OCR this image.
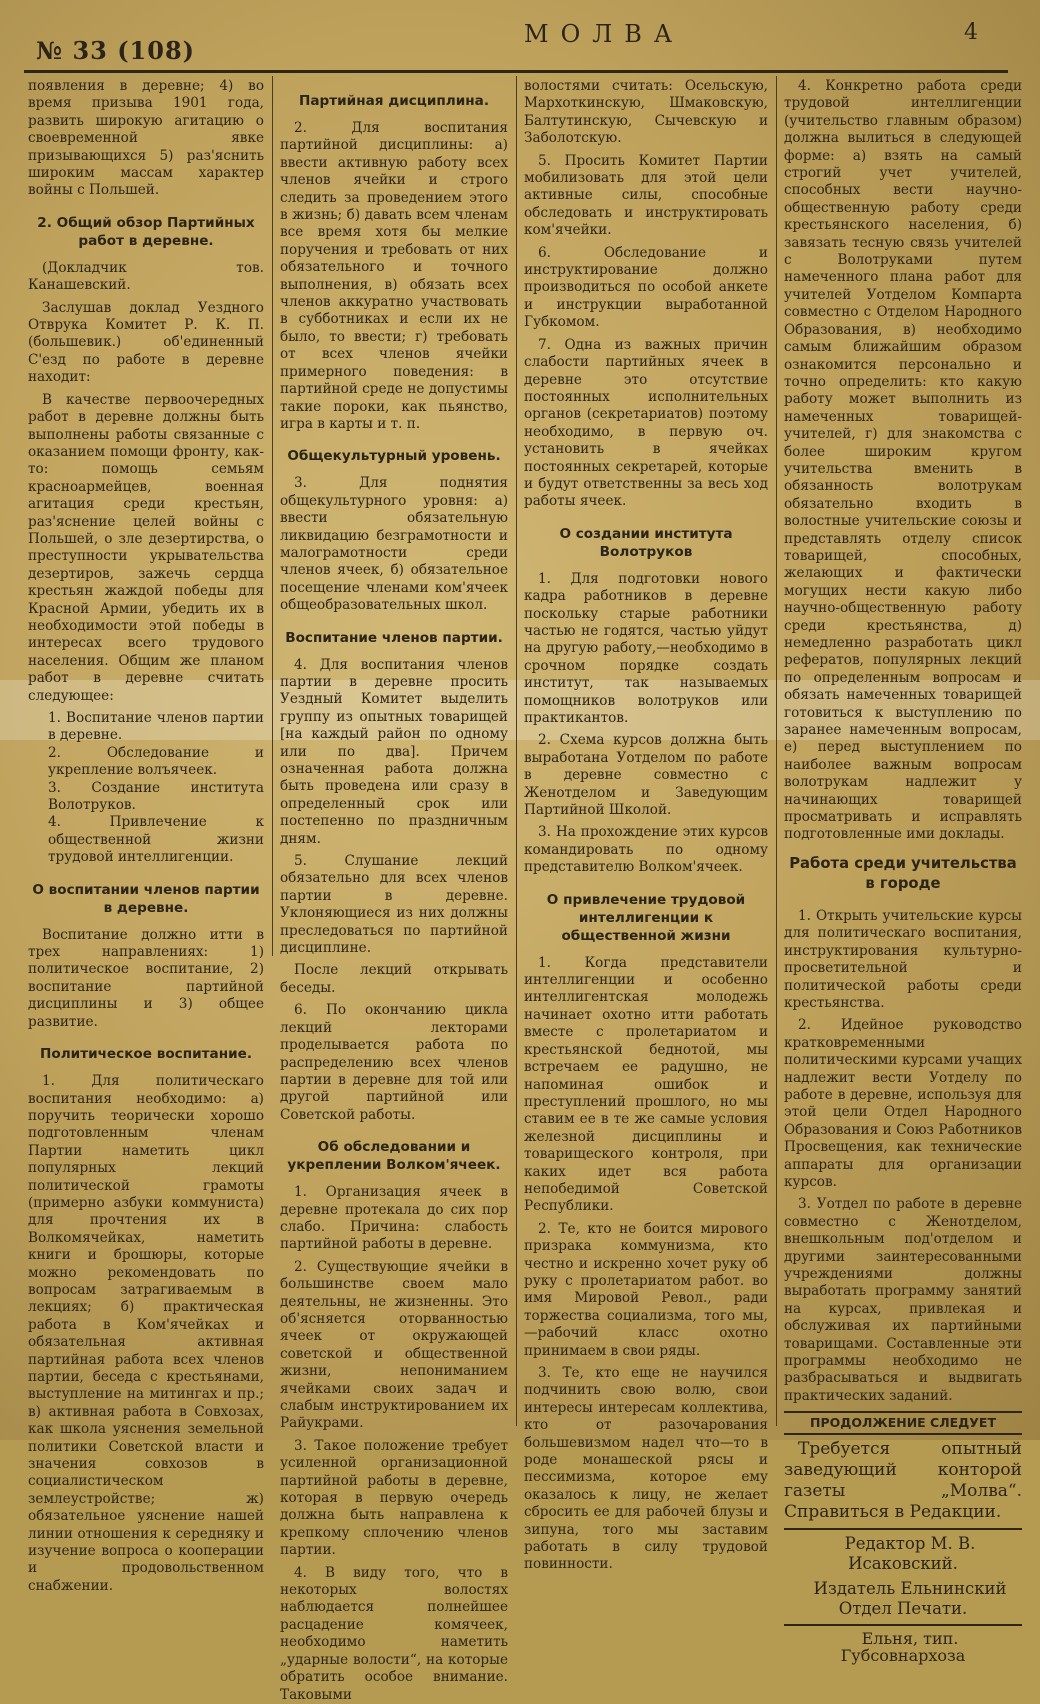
№ 33 (108)
МОЛВА	4

появления в деревне; 4) во время призыва 1901 года, развить широкую агитацию о своевременной явке призывающихся 5) раз'яснить широким массам характер войны с Польшей.

2. Общий обзор Партийных работ в деревне.

(Докладчик тов. Канашевский.

Заслушав доклад Уездного Отврука Комитет Р. К. П. (большевик.) об'единенный С'езд по работе в деревне находит:

В качестве первоочередных работ в деревне должны быть выполнены работы связанные с оказанием помощи фронту, как-то: помощь семьям красноармейцев, военная агитация среди крестьян, раз'яснение целей войны с Польшей, о зле дезертирства, о преступности укрывательства дезертиров, зажечь сердца крестьян жаждой победы для Красной Армии, убедить их в необходимости этой победы в интересах всего трудового населения. Общим же планом работ в деревне считать следующее:

1. Воспитание членов партии в деревне.

2. Обследование и укрепление волъячеек.

3. Создание института Волотруков.

4. Привлечение к общественной жизни трудовой интеллигенции.

О воспитании членов партии в деревне.

Воспитание должно итти в трех направлениях: 1) политическое воспитание, 2) воспитание партийной дисциплины и 3) общее развитие.

Политическое воспитание.

1. Для политическаго воспитания необходимо: а) поручить теорически хорошо подготовленным членам Партии наметить цикл популярных лекций политической грамоты (примерно азбуки коммуниста) для прочтения их в Волкомячейках, наметить книги и брошюры, которые можно рекомендовать по вопросам затрагиваемым в лекциях; б) практическая работа в Ком'ячейках и обязательная активная партийная работа всех членов партии, беседа с крестьянами, выступление на митингах и пр.; в) активная работа в Совхозах, как школа уяснения земельной политики Советской власти и значения совхозов в социалистическом землеустройстве; ж) обязательное уяснение нашей линии отношения к середняку и изучение вопроса о кооперации и продовольственном снабжении.

Партийная дисциплина.

2. Для воспитания партийной дисциплины: а) ввести активную работу всех членов ячейки и строго следить за проведением этого в жизнь; б) давать всем членам все время хотя бы мелкие поручения и требовать от них обязательного и точного выполнения, в) обязать всех членов аккуратно участвовать в субботниках и если их не было, то ввести; г) требовать от всех членов ячейки примерного поведения: в партийной среде не допустимы такие пороки, как пьянство, игра в карты и т. п.

Общекультурный уровень.

3. Для поднятия общекультурного уровня: а) ввести обязательную ликвидацию безграмотности и малограмотности среди членов ячеек, б) обязательное посещение членами ком'ячеек общеобразовательных школ.

Воспитание членов партии.

4. Для воспитания членов партии в деревне просить Уездный Комитет выделить группу из опытных товарищей [на каждый район по одному или по два]. Причем означенная работа должна быть проведена или сразу в определенный срок или постепенно по праздничным дням.

5. Слушание лекций обязательно для всех членов партии в деревне. Уклоняющиеся из них должны преследоваться по партийной дисциплине.

После лекций открывать беседы.

6. По окончанию цикла лекций лекторами проделывается работа по распределению всех членов партии в деревне для той или другой партийной или Советской работы.

Об обследовании и укреплении Волком'ячеек.

1. Организация ячеек в деревне протекала до сих пор слабо. Причина: слабость партийной работы в деревне.

2. Существующие ячейки в большинстве своем мало деятельны, не жизненны. Это об'ясняется оторванностью ячеек от окружающей советской и общественной жизни, непониманием ячейками своих задач и слабым инструктированием их Райукрами.

3. Такое положение требует усиленной организационной партийной работы в деревне, которая в первую очередь должна быть направлена к крепкому сплочению членов партии.

4. В виду того, что в некоторых волостях наблюдается полнейшее расцадение комячеек, необходимо наметить „ударные волости“, на которые обратить особое внимание. Таковыми

волостями считать: Осельскую, Мархоткинскую, Шмаковскую, Балтутинскую, Сычевскую и Заболотскую.

5. Просить Комитет Партии мобилизовать для этой цели активные силы, способные обследовать и инструктировать ком'ячейки.

6. Обследование и инструктирование должно производиться по особой анкете и инструкции выработанной Губкомом.

7. Одна из важных причин слабости партийных ячеек в деревне это отсутствие постоянных исполнительных органов (секретариатов) поэтому необходимо, в первую оч. установить в ячейках постоянных секретарей, которые и будут ответственны за весь ход работы ячеек.

О создании института Волотруков

1. Для подготовки нового кадра работников в деревне поскольку старые работники частью не годятся, частью уйдут на другую работу,—необходимо в срочном порядке создать институт, так называемых помощников волотруков или практикантов.

2. Схема курсов должна быть выработана Уотделом по работе в деревне совместно с Женотделом и Заведующим Партийной Школой.

3. На прохождение этих курсов командировать по одному представителю Волком'ячеек.

О привлечение трудовой интеллигенции к общественной жизни

1. Когда представители интеллигенции и особенно интеллигентская молодежь начинает охотно итти работать вместе с пролетариатом и крестьянской беднотой, мы встречаем ее радушно, не напоминая ошибок и преступлений прошлого, но мы ставим ее в те же самые условия железной дисциплины и товарищеского контроля, при каких идет вся работа непобедимой Советской Республики.

2. Те, кто не боится мирового призрака коммунизма, кто честно и искренно хочет руку об руку с пролетариатом работ. во имя Мировой Револ., ради торжества социализма, того мы,—рабочий класс охотно принимаем в свои ряды.

3. Те, кто еще не научился подчинить свою волю, свои интересы интересам коллектива, кто от разочарования большевизмом надел что—то в роде монашеской рясы и пессимизма, которое ему оказалось к лицу, не желает сбросить ее для рабочей блузы и зипуна, того мы заставим работать в силу трудовой повинности.

4. Конкретно работа среди трудовой интеллигенции (учительство главным образом) должна вылиться в следующей форме: а) взять на самый строгий учет учителей, способных вести научно-общественную работу среди крестьянского населения, б) завязать тесную связь учителей с Волотруками путем намеченного плана работ для учителей Уотделом Компарта совместно с Отделом Народного Образования, в) необходимо самым ближайшим образом ознакомится персонально и точно определить: кто какую работу может выполнить из намеченных товарищей-учителей, г) для знакомства с более широким кругом учительства вменить в обязанность волотрукам обязательно входить в волостные учительские союзы и представлять отделу список товарищей, способных, желающих и фактически могущих нести какую либо научно-общественную работу среди крестьянства, д) немедленно разработать цикл рефератов, популярных лекций по определенным вопросам и обязать намеченных товарищей готовиться к выступлению по заранее намеченным вопросам, е) перед выступлением по наиболее важным вопросам волотрукам надлежит у начинающих товарищей просматривать и исправлять подготовленные ими доклады.

Работа среди учительства в городе

1. Открыть учительские курсы для политическаго воспитания, инструктирования культурно-просветительной и политической работы среди крестьянства.

2. Идейное руководство кратковременными политическими курсами учащих надлежит вести Уотделу по работе в деревне, используя для этой цели Отдел Народного Образования и Союз Работников Просвещения, как технические аппараты для организации курсов.

3. Уотдел по работе в деревне совместно с Женотделом, внешкольным под'отделом и другими заинтересованными учреждениями должны выработать программу занятий на курсах, привлекая и обслуживая их партийными товарищами. Составленные эти программы необходимо не разбрасываться и выдвигать практических заданий.

ПРОДОЛЖЕНИЕ СЛЕДУЕТ

Требуется опытный заведующий конторой газеты „Молва“. Справиться в Редакции.

Редактор М. В. Исаковский.

Издатель Ельнинский Отдел Печати.

Ельня, тип. Губсовнархоза
